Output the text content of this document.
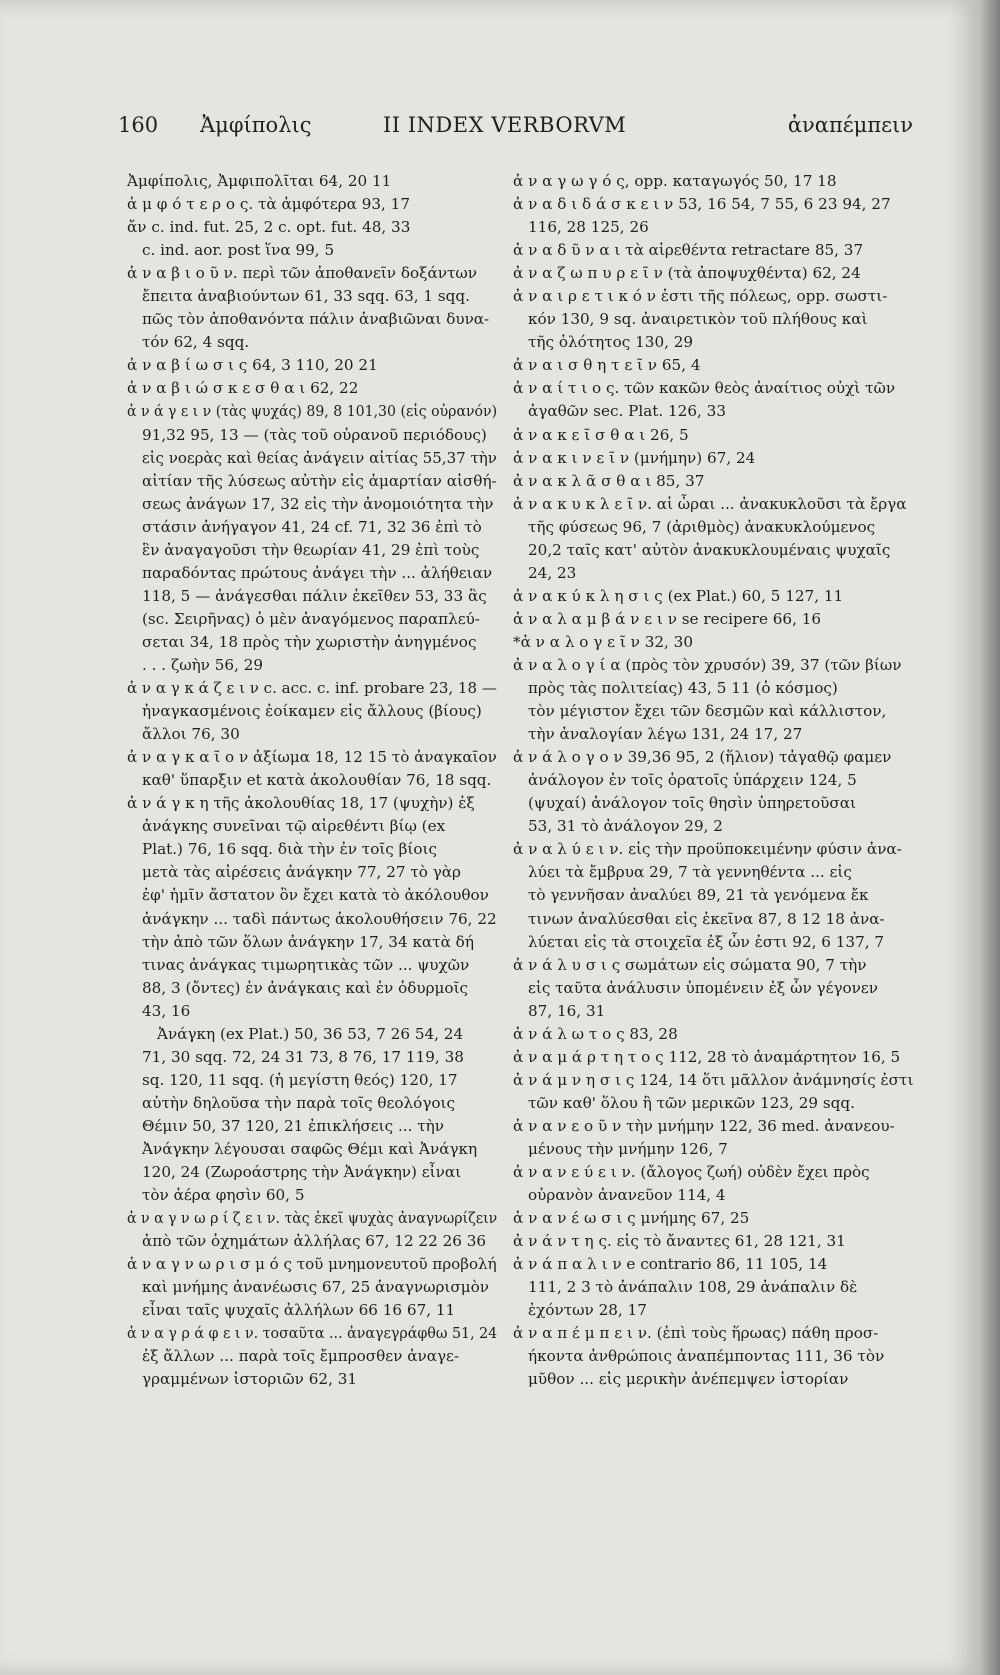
160 Ἀμφίπολις	II INDEX VERBORVM	ἀναπέμπειν
Ἀμφίπολις, Ἀμφιπολῖται 64, 20 11
ἀ μ φ ό τ ε ρ ο ς. τὰ ἀμφότερα 93, 17
ἄν c. ind. fut. 25, 2 c. opt. fut. 48, 33
c. ind. aor. post ἵνα 99, 5
ἀ ν α β ι ο ῦ ν. περὶ τῶν ἀποθανεῖν δοξάντων
ἔπειτα ἀναβιούντων 61, 33 sqq. 63, 1 sqq.
πῶς τὸν ἀποθανόντα πάλιν ἀναβιῶναι δυνα-
τόν 62, 4 sqq.
ἀ ν α β ί ω σ ι ς 64, 3 110, 20 21
ἀ ν α β ι ώ σ κ ε σ θ α ι 62, 22
ἀ ν ά γ ε ι ν (τὰς ψυχάς) 89, 8 101,30 (εἰς οὐρανόν)
91,32 95, 13 — (τὰς τοῦ οὐρανοῦ περιόδους)
εἰς νοερὰς καὶ θείας ἀνάγειν αἰτίας 55,37 τὴν
αἰτίαν τῆς λύσεως αὐτὴν εἰς ἁμαρτίαν αἰσθή-
σεως ἀνάγων 17, 32 εἰς τὴν ἀνομοιότητα τὴν
στάσιν ἀνήγαγον 41, 24 cf. 71, 32 36 ἐπὶ τὸ
ἓν ἀναγαγοῦσι τὴν θεωρίαν 41, 29 ἐπὶ τοὺς
παραδόντας πρώτους ἀνάγει τὴν ... ἀλήθειαν
118, 5 — ἀνάγεσθαι πάλιν ἐκεῖθεν 53, 33 ἃς
(sc. Σειρῆνας) ὁ μὲν ἀναγόμενος παραπλεύ-
σεται 34, 18 πρὸς τὴν χωριστὴν ἀνηγμένος
. . . ζωὴν 56, 29
ἀ ν α γ κ ά ζ ε ι ν c. acc. c. inf. probare 23, 18 —
ἠναγκασμένοις ἐοίκαμεν εἰς ἄλλους (βίους)
ἄλλοι 76, 30
ἀ ν α γ κ α ῖ ο ν ἀξίωμα 18, 12 15 τὸ ἀναγκαῖον
καθ' ὕπαρξιν et κατὰ ἀκολουθίαν 76, 18 sqq.
ἀ ν ά γ κ η τῆς ἀκολουθίας 18, 17 (ψυχὴν) ἐξ
ἀνάγκης συνεῖναι τῷ αἱρεθέντι βίῳ (ex
Plat.) 76, 16 sqq. διὰ τὴν ἐν τοῖς βίοις
μετὰ τὰς αἱρέσεις ἀνάγκην 77, 27 τὸ γὰρ
ἐφ' ἡμῖν ἄστατον ὂν ἔχει κατὰ τὸ ἀκόλουθον
ἀνάγκην ... ταδὶ πάντως ἀκολουθήσειν 76, 22
τὴν ἀπὸ τῶν ὅλων ἀνάγκην 17, 34 κατὰ δή
τινας ἀνάγκας τιμωρητικὰς τῶν ... ψυχῶν
88, 3 (ὄντες) ἐν ἀνάγκαις καὶ ἐν ὀδυρμοῖς
43, 16
Ἀνάγκη (ex Plat.) 50, 36 53, 7 26 54, 24
71, 30 sqq. 72, 24 31 73, 8 76, 17 119, 38
sq. 120, 11 sqq. (ἡ μεγίστη θεός) 120, 17
αὐτὴν δηλοῦσα τὴν παρὰ τοῖς θεολόγοις
Θέμιν 50, 37 120, 21 ἐπικλήσεις ... τὴν
Ἀνάγκην λέγουσαι σαφῶς Θέμι καὶ Ἀνάγκη
120, 24 (Ζωροάστρης τὴν Ἀνάγκην) εἶναι
τὸν ἀέρα φησὶν 60, 5
ἀ ν α γ ν ω ρ ί ζ ε ι ν. τὰς ἐκεῖ ψυχὰς ἀναγνωρίζειν
ἀπὸ τῶν ὀχημάτων ἀλλήλας 67, 12 22 26 36
ἀ ν α γ ν ω ρ ι σ μ ό ς τοῦ μνημονευτοῦ προβολή
καὶ μνήμης ἀνανέωσις 67, 25 ἀναγνωρισμὸν
εἶναι ταῖς ψυχαῖς ἀλλήλων 66 16 67, 11
ἀ ν α γ ρ ά φ ε ι ν. τοσαῦτα ... ἀναγεγράφθω 51, 24
ἐξ ἄλλων ... παρὰ τοῖς ἔμπροσθεν ἀναγε-
γραμμένων ἱστοριῶν 62, 31
ἀ ν α γ ω γ ό ς, opp. καταγωγός 50, 17 18
ἀ ν α δ ι δ ά σ κ ε ι ν 53, 16 54, 7 55, 6 23 94, 27
116, 28 125, 26
ἀ ν α δ ῦ ν α ι τὰ αἱρεθέντα retractare 85, 37
ἀ ν α ζ ω π υ ρ ε ῖ ν (τὰ ἀποψυχθέντα) 62, 24
ἀ ν α ι ρ ε τ ι κ ό ν ἐστι τῆς πόλεως, opp. σωστι-
κόν 130, 9 sq. ἀναιρετικὸν τοῦ πλήθους καὶ
τῆς ὁλότητος 130, 29
ἀ ν α ι σ θ η τ ε ῖ ν 65, 4
ἀ ν α ί τ ι ο ς. τῶν κακῶν θεὸς ἀναίτιος οὐχὶ τῶν
ἀγαθῶν sec. Plat. 126, 33
ἀ ν α κ ε ῖ σ θ α ι 26, 5
ἀ ν α κ ι ν ε ῖ ν (μνήμην) 67, 24
ἀ ν α κ λ ᾶ σ θ α ι 85, 37
ἀ ν α κ υ κ λ ε ῖ ν. αἱ ὧραι ... ἀνακυκλοῦσι τὰ ἔργα
τῆς φύσεως 96, 7 (ἀριθμὸς) ἀνακυκλούμενος
20,2 ταῖς κατ' αὐτὸν ἀνακυκλουμέναις ψυχαῖς
24, 23
ἀ ν α κ ύ κ λ η σ ι ς (ex Plat.) 60, 5 127, 11
ἀ ν α λ α μ β ά ν ε ι ν se recipere 66, 16
*ἀ ν α λ ο γ ε ῖ ν 32, 30
ἀ ν α λ ο γ ί α (πρὸς τὸν χρυσόν) 39, 37 (τῶν βίων
πρὸς τὰς πολιτείας) 43, 5 11 (ὁ κόσμος)
τὸν μέγιστον ἔχει τῶν δεσμῶν καὶ κάλλιστον,
τὴν ἀναλογίαν λέγω 131, 24 17, 27
ἀ ν ά λ ο γ ο ν 39,36 95, 2 (ἥλιον) τἀγαθῷ φαμεν
ἀνάλογον ἐν τοῖς ὁρατοῖς ὑπάρχειν 124, 5
(ψυχαί) ἀνάλογον τοῖς θησὶν ὑπηρετοῦσαι
53, 31 τὸ ἀνάλογον 29, 2
ἀ ν α λ ύ ε ι ν. εἰς τὴν προϋποκειμένην φύσιν ἀνα-
λύει τὰ ἔμβρυα 29, 7 τὰ γεννηθέντα ... εἰς
τὸ γεννῆσαν ἀναλύει 89, 21 τὰ γενόμενα ἔκ
τινων ἀναλύεσθαι εἰς ἐκεῖνα 87, 8 12 18 ἀνα-
λύεται εἰς τὰ στοιχεῖα ἐξ ὧν ἐστι 92, 6 137, 7
ἀ ν ά λ υ σ ι ς σωμάτων εἰς σώματα 90, 7 τὴν
εἰς ταῦτα ἀνάλυσιν ὑπομένειν ἐξ ὧν γέγονεν
87, 16, 31
ἀ ν ά λ ω τ ο ς 83, 28
ἀ ν α μ ά ρ τ η τ ο ς 112, 28 τὸ ἀναμάρτητον 16, 5
ἀ ν ά μ ν η σ ι ς 124, 14 ὅτι μᾶλλον ἀνάμνησίς ἐστι
τῶν καθ' ὅλου ἢ τῶν μερικῶν 123, 29 sqq.
ἀ ν α ν ε ο ῦ ν τὴν μνήμην 122, 36 med. ἀνανεου-
μένους τὴν μνήμην 126, 7
ἀ ν α ν ε ύ ε ι ν. (ἄλογος ζωή) οὐδὲν ἔχει πρὸς
οὐρανὸν ἀνανεῦον 114, 4
ἀ ν α ν έ ω σ ι ς μνήμης 67, 25
ἀ ν ά ν τ η ς. εἰς τὸ ἄναντες 61, 28 121, 31
ἀ ν ά π α λ ι ν e contrario 86, 11 105, 14
111, 2 3 τὸ ἀνάπαλιν 108, 29 ἀνάπαλιν δὲ
ἐχόντων 28, 17
ἀ ν α π έ μ π ε ι ν. (ἐπὶ τοὺς ἥρωας) πάθη προσ-
ήκοντα ἀνθρώποις ἀναπέμποντας 111, 36 τὸν
μῦθον ... εἰς μερικὴν ἀνέπεμψεν ἱστορίαν
